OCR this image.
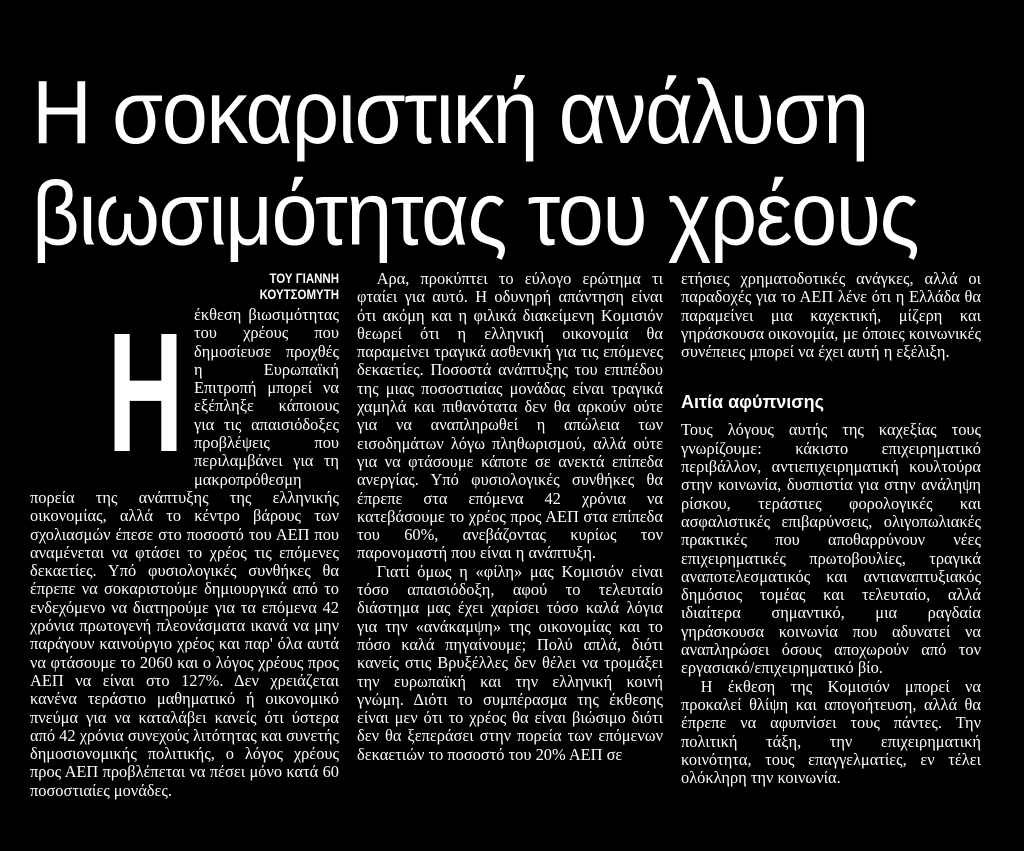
Η σοκαριστική ανάλυση
βιωσιμότητας του χρέους
ΤΟΥ ΓΙΑΝΝΗ
ΚΟΥΤΣΟΜΥΤΗ
Η έκθεση βιωσιμότητας του χρέους που δημοσίευσε προχθές η Ευρωπαϊκή Επιτροπή μπορεί να εξέπληξε κάποιους για τις απαισιόδοξες προβλέψεις που περιλαμβάνει για τη μακροπρόθεσμη πορεία της ανάπτυξης της ελληνικής οικονομίας, αλλά το κέντρο βάρους των σχολιασμών έπεσε στο ποσοστό του ΑΕΠ που αναμένεται να φτάσει το χρέος τις επόμενες δεκαετίες. Υπό φυσιολογικές συνθήκες θα έπρεπε να σοκαριστούμε δημιουργικά από το ενδεχόμενο να διατηρούμε για τα επόμενα 42 χρόνια πρωτογενή πλεονάσματα ικανά να μην παράγουν καινούργιο χρέος και παρ' όλα αυτά να φτάσουμε το 2060 και ο λόγος χρέους προς ΑΕΠ να είναι στο 127%. Δεν χρειάζεται κανένα τεράστιο μαθηματικό ή οικονομικό πνεύμα για να καταλάβει κανείς ότι ύστερα από 42 χρόνια συνεχούς λιτότητας και συνετής δημοσιονομικής πολιτικής, ο λόγος χρέους προς ΑΕΠ προβλέπεται να πέσει μόνο κατά 60 ποσοστιαίες μονάδες.

Αρα, προκύπτει το εύλογο ερώτημα τι φταίει για αυτό. Η οδυνηρή απάντηση είναι ότι ακόμη και η φιλικά διακείμενη Κομισιόν θεωρεί ότι η ελληνική οικονομία θα παραμείνει τραγικά ασθενική για τις επόμενες δεκαετίες. Ποσοστά ανάπτυξης του επιπέδου της μιας ποσοστιαίας μονάδας είναι τραγικά χαμηλά και πιθανότατα δεν θα αρκούν ούτε για να αναπληρωθεί η απώλεια των εισοδημάτων λόγω πληθωρισμού, αλλά ούτε για να φτάσουμε κάποτε σε ανεκτά επίπεδα ανεργίας. Υπό φυσιολογικές συνθήκες θα έπρεπε στα επόμενα 42 χρόνια να κατεβάσουμε το χρέος προς ΑΕΠ στα επίπεδα του 60%, ανεβάζοντας κυρίως τον παρονομαστή που είναι η ανάπτυξη.

Γιατί όμως η «φίλη» μας Κομισιόν είναι τόσο απαισιόδοξη, αφού το τελευταίο διάστημα μας έχει χαρίσει τόσο καλά λόγια για την «ανάκαμψη» της οικονομίας και το πόσο καλά πηγαίνουμε; Πολύ απλά, διότι κανείς στις Βρυξέλλες δεν θέλει να τρομάξει την ευρωπαϊκή και την ελληνική κοινή γνώμη. Διότι το συμπέρασμα της έκθεσης είναι μεν ότι το χρέος θα είναι βιώσιμο διότι δεν θα ξεπεράσει στην πορεία των επόμενων δεκαετιών το ποσοστό του 20% ΑΕΠ σε

ετήσιες χρηματοδοτικές ανάγκες, αλλά οι παραδοχές για το ΑΕΠ λένε ότι η Ελλάδα θα παραμείνει μια καχεκτική, μίζερη και γηράσκουσα οικονομία, με όποιες κοινωνικές συνέπειες μπορεί να έχει αυτή η εξέλιξη.

Αιτία αφύπνισης

Τους λόγους αυτής της καχεξίας τους γνωρίζουμε: κάκιστο επιχειρηματικό περιβάλλον, αντιεπιχειρηματική κουλτούρα στην κοινωνία, δυσπιστία για στην ανάληψη ρίσκου, τεράστιες φορολογικές και ασφαλιστικές επιβαρύνσεις, ολιγοπωλιακές πρακτικές που αποθαρρύνουν νέες επιχειρηματικές πρωτοβουλίες, τραγικά αναποτελεσματικός και αντιαναπτυξιακός δημόσιος τομέας και τελευταίο, αλλά ιδιαίτερα σημαντικό, μια ραγδαία γηράσκουσα κοινωνία που αδυνατεί να αναπληρώσει όσους αποχωρούν από τον εργασιακό/επιχειρηματικό βίο.

Η έκθεση της Κομισιόν μπορεί να προκαλεί θλίψη και απογοήτευση, αλλά θα έπρεπε να αφυπνίσει τους πάντες. Την πολιτική τάξη, την επιχειρηματική κοινότητα, τους επαγγελματίες, εν τέλει ολόκληρη την κοινωνία.
